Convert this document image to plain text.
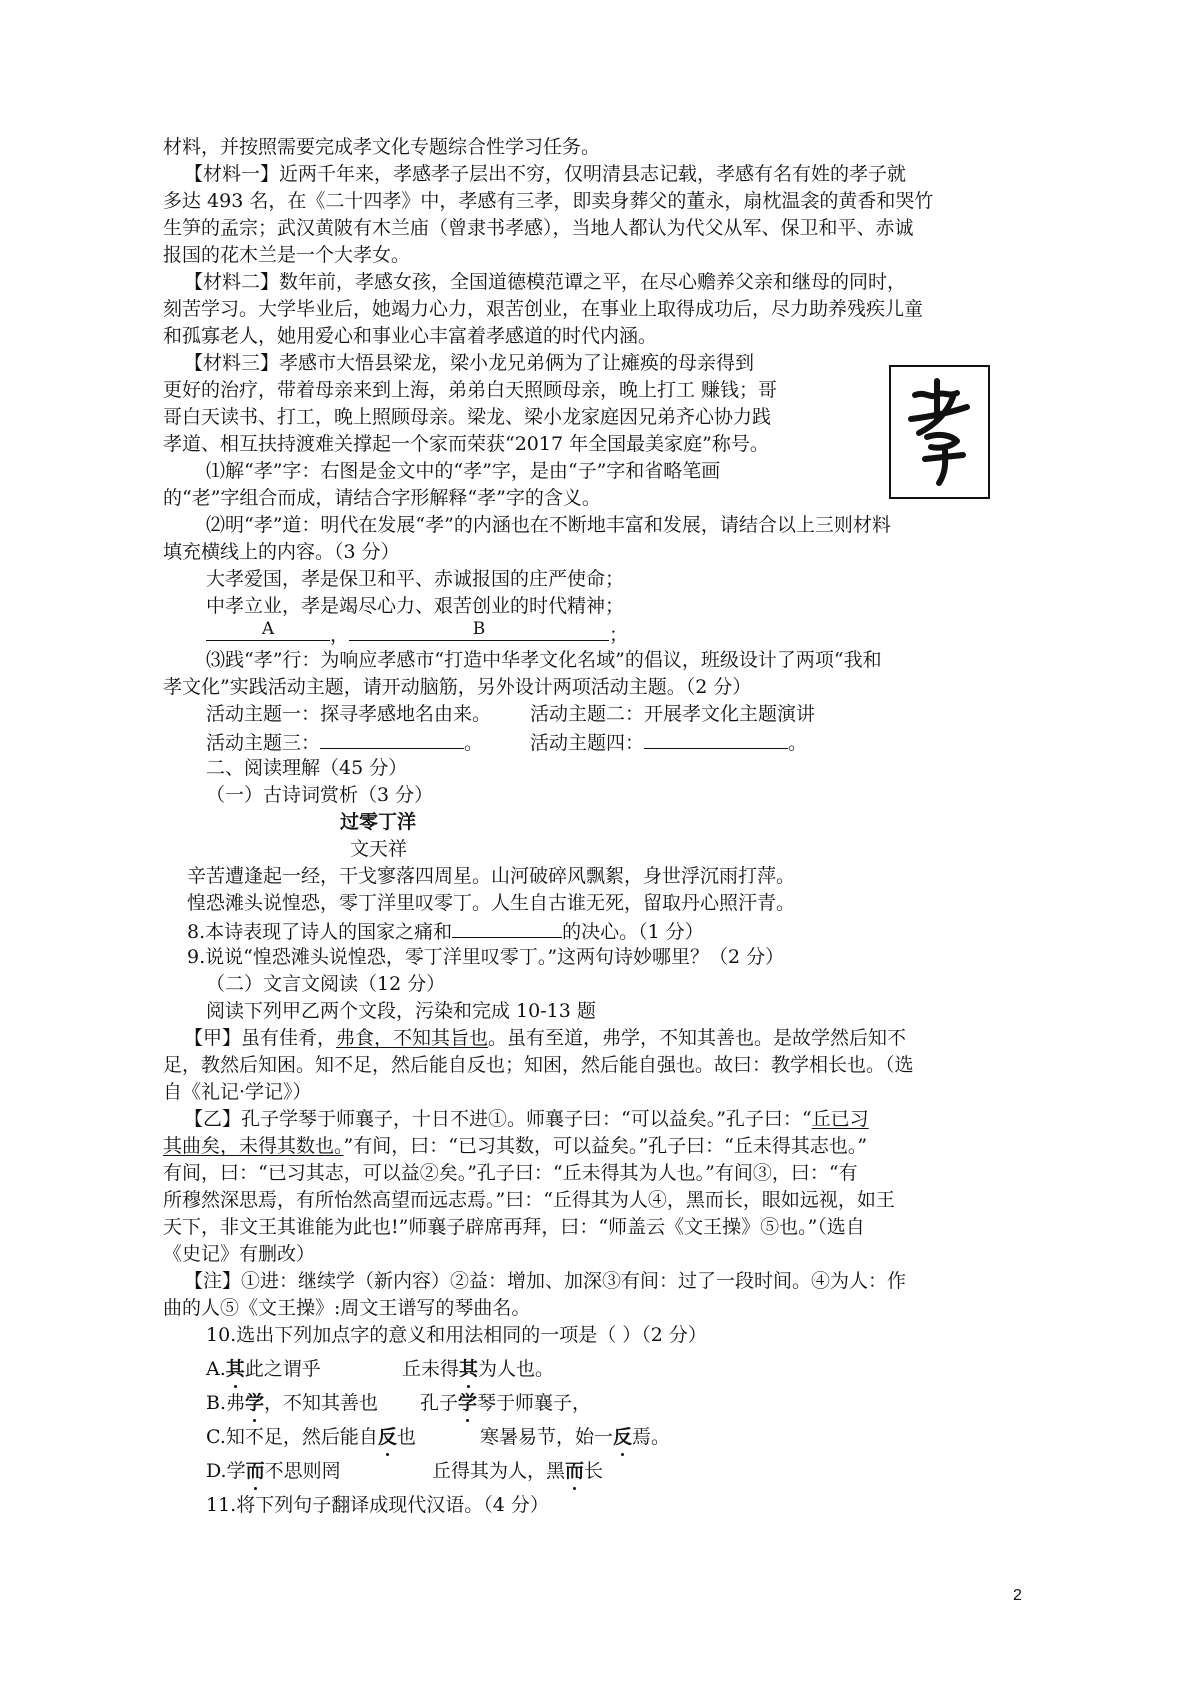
材料，并按照需要完成孝文化专题综合性学习任务。
【材料一】近两千年来，孝感孝子层出不穷，仅明清县志记载，孝感有名有姓的孝子就
多达 493 名，在《二十四孝》中，孝感有三孝，即卖身葬父的董永，扇枕温衾的黄香和哭竹
生笋的孟宗；武汉黄陂有木兰庙（曾隶书孝感），当地人都认为代父从军、保卫和平、赤诚
报国的花木兰是一个大孝女。
【材料二】数年前，孝感女孩，全国道德模范谭之平，在尽心赡养父亲和继母的同时，
刻苦学习。大学毕业后，她竭力心力，艰苦创业，在事业上取得成功后，尽力助养残疾儿童
和孤寡老人，她用爱心和事业心丰富着孝感道的时代内涵。
【材料三】孝感市大悟县梁龙，梁小龙兄弟俩为了让瘫痪的母亲得到
更好的治疗，带着母亲来到上海，弟弟白天照顾母亲，晚上打工 赚钱；哥
哥白天读书、打工，晚上照顾母亲。梁龙、梁小龙家庭因兄弟齐心协力践
孝道、相互扶持渡难关撑起一个家而荣获“2017 年全国最美家庭”称号。
⑴解“孝”字：右图是金文中的“孝”字，是由“子”字和省略笔画
的“老”字组合而成，请结合字形解释“孝”字的含义。
⑵明“孝”道：明代在发展“孝”的内涵也在不断地丰富和发展，请结合以上三则材料
填充横线上的内容。（3 分）
大孝爱国，孝是保卫和平、赤诚报国的庄严使命；
中孝立业，孝是竭尽心力、艰苦创业的时代精神；
A	，	B	；
⑶践“孝”行：为响应孝感市“打造中华孝文化名域”的倡议，班级设计了两项“我和
孝文化”实践活动主题，请开动脑筋，另外设计两项活动主题。（2 分）
活动主题一：探寻孝感地名由来。 活动主题二：开展孝文化主题演讲
活动主题三：	。 活动主题四：	。
二、阅读理解（45 分）
（一）古诗词赏析（3 分）
过零丁洋
文天祥
辛苦遭逢起一经，干戈寥落四周星。山河破碎风飘絮，身世浮沉雨打萍。
惶恐滩头说惶恐，零丁洋里叹零丁。人生自古谁无死，留取丹心照汗青。
8.本诗表现了诗人的国家之痛和	的决心。（1 分）
9.说说“惶恐滩头说惶恐，零丁洋里叹零丁。”这两句诗妙哪里？（2 分）
（二）文言文阅读（12 分）
阅读下列甲乙两个文段，污染和完成 10-13 题
【甲】虽有佳肴，弗食，不知其旨也。虽有至道，弗学，不知其善也。是故学然后知不
足，教然后知困。知不足，然后能自反也；知困，然后能自强也。故曰：教学相长也。（选
自《礼记·学记》）
【乙】孔子学琴于师襄子，十日不进①。师襄子曰：“可以益矣。”孔子曰：“丘已习
其曲矣，未得其数也。”有间，曰：“已习其数，可以益矣。”孔子曰：“丘未得其志也。”
有间，曰：“已习其志，可以益②矣。”孔子曰：“丘未得其为人也。”有间③，曰：“有
所穆然深思焉，有所怡然高望而远志焉。”曰：“丘得其为人④，黑而长，眼如远视，如王
天下，非文王其谁能为此也!”师襄子辟席再拜，曰：“师盖云《文王操》⑤也。”（选自
《史记》有删改）
【注】①进：继续学（新内容）②益：增加、加深③有间：过了一段时间。④为人：作
曲的人⑤《文王操》:周文王谱写的琴曲名。
10.选出下列加点字的意义和用法相同的一项是（ ）（2 分）
A.其此之谓乎	丘未得其为人也。
B.弗学，不知其善也 孔子学琴于师襄子，
C.知不足，然后能自反也	寒暑易节，始一反焉。
D.学而不思则罔	丘得其为人，黑而长
11.将下列句子翻译成现代汉语。（4 分）
2
